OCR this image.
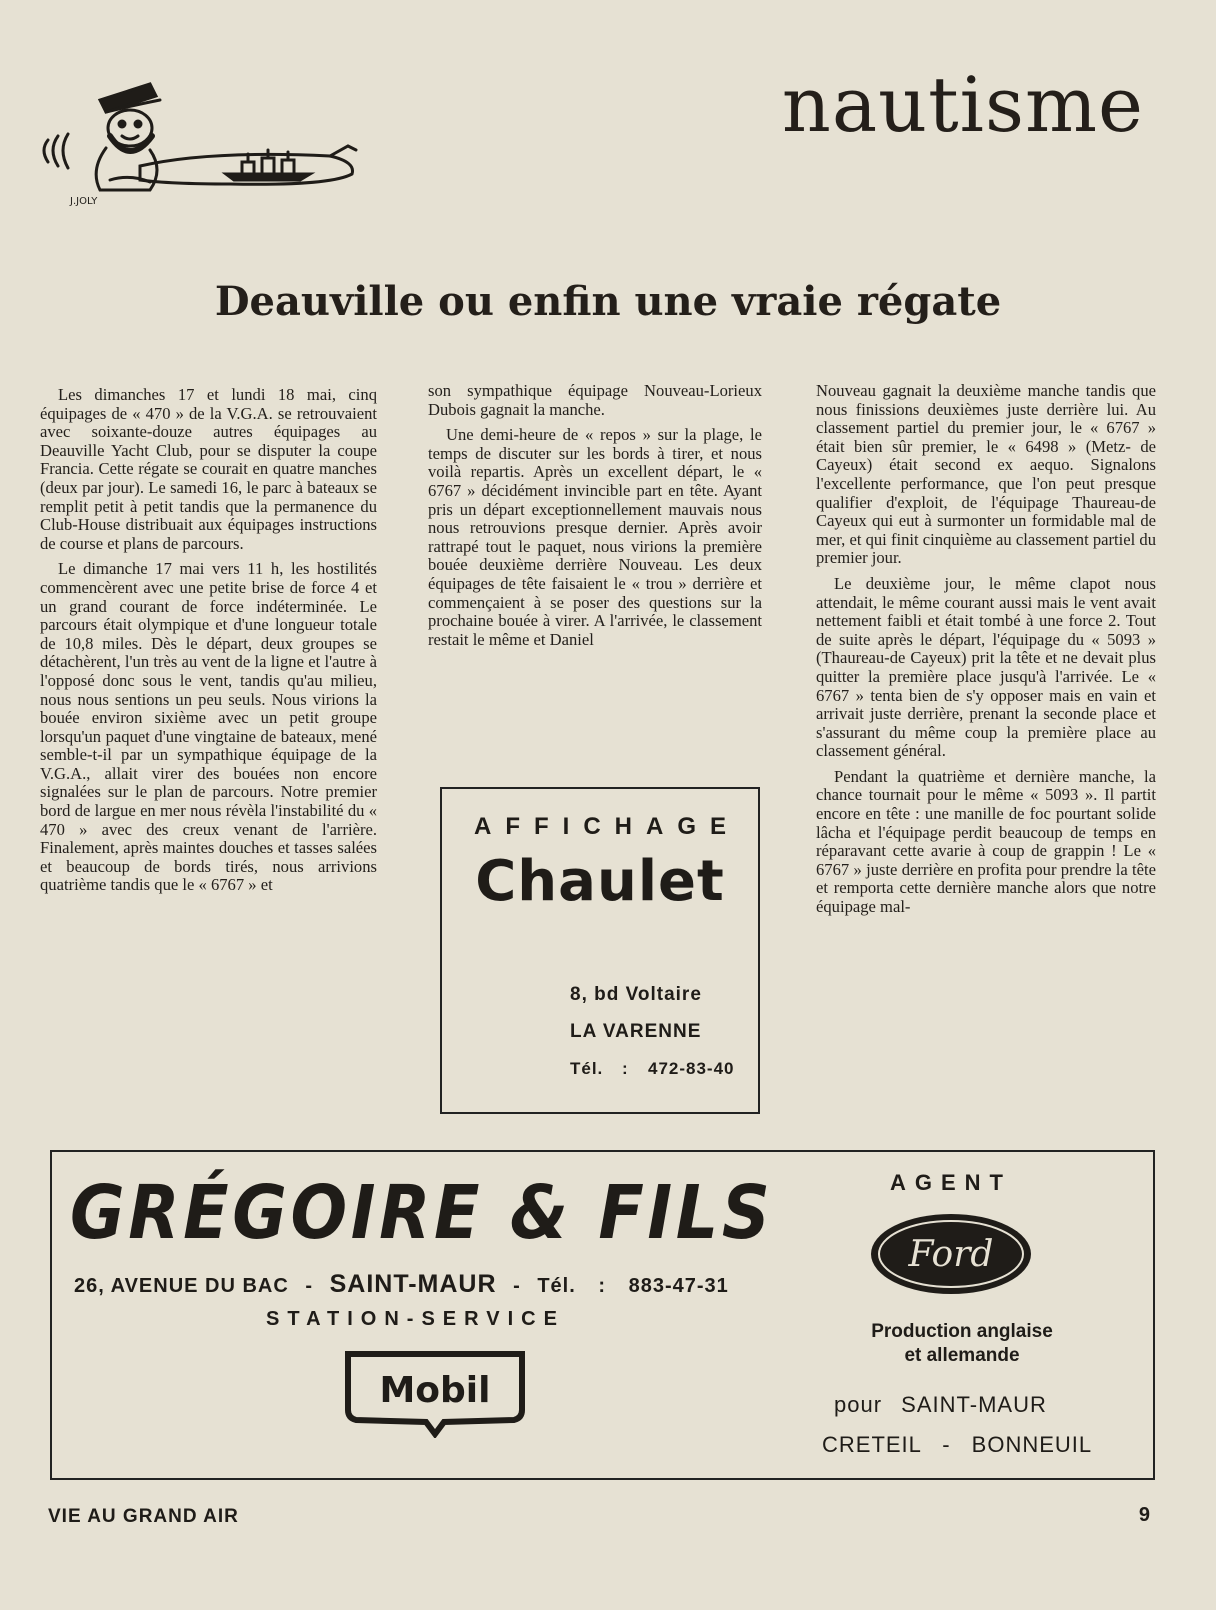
J.JOLY
nautisme
Deauville ou enfin une vraie régate

Les dimanches 17 et lundi 18 mai, cinq équipages de « 470 » de la V.G.A. se retrouvaient avec soixante-douze autres équipages au Deauville Yacht Club, pour se disputer la coupe Francia. Cette régate se courait en quatre manches (deux par jour). Le samedi 16, le parc à bateaux se remplit petit à petit tandis que la permanence du Club-House distribuait aux équipages instructions de course et plans de parcours.

Le dimanche 17 mai vers 11 h, les hostilités commencèrent avec une petite brise de force 4 et un grand courant de force indéterminée. Le parcours était olympique et d'une longueur totale de 10,8 miles. Dès le départ, deux groupes se détachèrent, l'un très au vent de la ligne et l'autre à l'opposé donc sous le vent, tandis qu'au milieu, nous nous sentions un peu seuls. Nous virions la bouée environ sixième avec un petit groupe lorsqu'un paquet d'une vingtaine de bateaux, mené semble-t-il par un sympathique équipage de la V.G.A., allait virer des bouées non encore signalées sur le plan de parcours. Notre premier bord de largue en mer nous révèla l'instabilité du « 470 » avec des creux venant de l'arrière. Finalement, après maintes douches et tasses salées et beaucoup de bords tirés, nous arrivions quatrième tandis que le « 6767 » et

son sympathique équipage Nouveau-Lorieux Dubois gagnait la manche.

Une demi-heure de « repos » sur la plage, le temps de discuter sur les bords à tirer, et nous voilà repartis. Après un excellent départ, le « 6767 » décidément invincible part en tête. Ayant pris un départ exceptionnellement mauvais nous nous retrouvions presque dernier. Après avoir rattrapé tout le paquet, nous virions la première bouée deuxième derrière Nouveau. Les deux équipages de tête faisaient le « trou » derrière et commençaient à se poser des questions sur la prochaine bouée à virer. A l'arrivée, le classement restait le même et Daniel

Nouveau gagnait la deuxième manche tandis que nous finissions deuxièmes juste derrière lui. Au classement partiel du premier jour, le « 6767 » était bien sûr premier, le « 6498 » (Metz- de Cayeux) était second ex aequo. Signalons l'excellente performance, que l'on peut presque qualifier d'exploit, de l'équipage Thaureau-de Cayeux qui eut à surmonter un formidable mal de mer, et qui finit cinquième au classement partiel du premier jour.

Le deuxième jour, le même clapot nous attendait, le même courant aussi mais le vent avait nettement faibli et était tombé à une force 2. Tout de suite après le départ, l'équipage du « 5093 » (Thaureau-de Cayeux) prit la tête et ne devait plus quitter la première place jusqu'à l'arrivée. Le « 6767 » tenta bien de s'y opposer mais en vain et arrivait juste derrière, prenant la seconde place et s'assurant du même coup la première place au classement général.

Pendant la quatrième et dernière manche, la chance tournait pour le même « 5093 ». Il partit encore en tête : une manille de foc pourtant solide lâcha et l'équipage perdit beaucoup de temps en réparavant cette avarie à coup de grappin ! Le « 6767 » juste derrière en profita pour prendre la tête et remporta cette dernière manche alors que notre équipage mal-

AFFICHAGE
Chaulet
8, bd Voltaire
LA VARENNE
Tél.	:	472-83-40
GRÉGOIRE & FILS
26, AVENUE DU BAC - SAINT-MAUR - Tél. : 883-47-31
STATION-SERVICE
Mobil
AGENT
Ford
Production anglaise
et allemande
pour SAINT-MAUR
CRETEIL - BONNEUIL
VIE AU GRAND AIR	9
